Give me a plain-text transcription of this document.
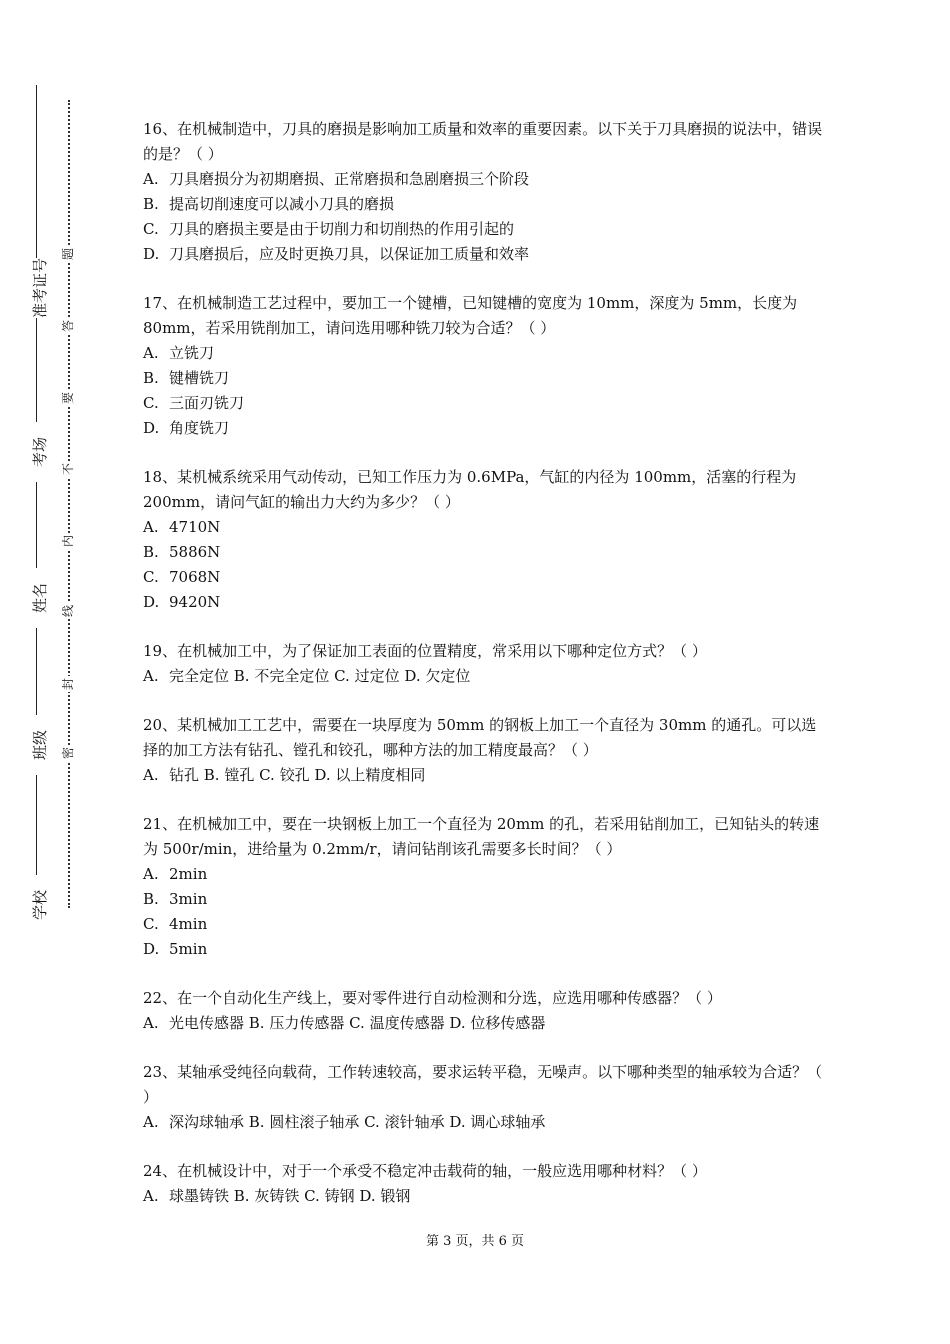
学校
班级
姓名
考场
准考证号
密
封
线
内
不
要
答
题

16、在机械制造中，刀具的磨损是影响加工质量和效率的重要因素。以下关于刀具磨损的说法中，错误的是？（ ）

A. 刀具磨损分为初期磨损、正常磨损和急剧磨损三个阶段

B. 提高切削速度可以减小刀具的磨损

C. 刀具的磨损主要是由于切削力和切削热的作用引起的

D. 刀具磨损后，应及时更换刀具，以保证加工质量和效率

17、在机械制造工艺过程中，要加工一个键槽，已知键槽的宽度为 10mm，深度为 5mm，长度为 80mm，若采用铣削加工，请问选用哪种铣刀较为合适？（ ）

A. 立铣刀

B. 键槽铣刀

C. 三面刃铣刀

D. 角度铣刀

18、某机械系统采用气动传动，已知工作压力为 0.6MPa，气缸的内径为 100mm，活塞的行程为 200mm，请问气缸的输出力大约为多少？（ ）

A. 4710N

B. 5886N

C. 7068N

D. 9420N

19、在机械加工中，为了保证加工表面的位置精度，常采用以下哪种定位方式？（ ）

A. 完全定位 B. 不完全定位 C. 过定位 D. 欠定位

20、某机械加工工艺中，需要在一块厚度为 50mm 的钢板上加工一个直径为 30mm 的通孔。可以选择的加工方法有钻孔、镗孔和铰孔，哪种方法的加工精度最高？（ ）

A. 钻孔 B. 镗孔 C. 铰孔 D. 以上精度相同

21、在机械加工中，要在一块钢板上加工一个直径为 20mm 的孔，若采用钻削加工，已知钻头的转速为 500r/min，进给量为 0.2mm/r，请问钻削该孔需要多长时间？（ ）

A. 2min

B. 3min

C. 4min

D. 5min

22、在一个自动化生产线上，要对零件进行自动检测和分选，应选用哪种传感器？（ ）

A. 光电传感器 B. 压力传感器 C. 温度传感器 D. 位移传感器

23、某轴承受纯径向载荷，工作转速较高，要求运转平稳，无噪声。以下哪种类型的轴承较为合适？（ ）

A. 深沟球轴承 B. 圆柱滚子轴承 C. 滚针轴承 D. 调心球轴承

24、在机械设计中，对于一个承受不稳定冲击载荷的轴，一般应选用哪种材料？（ ）

A. 球墨铸铁 B. 灰铸铁 C. 铸钢 D. 锻钢

第 3 页，共 6 页
